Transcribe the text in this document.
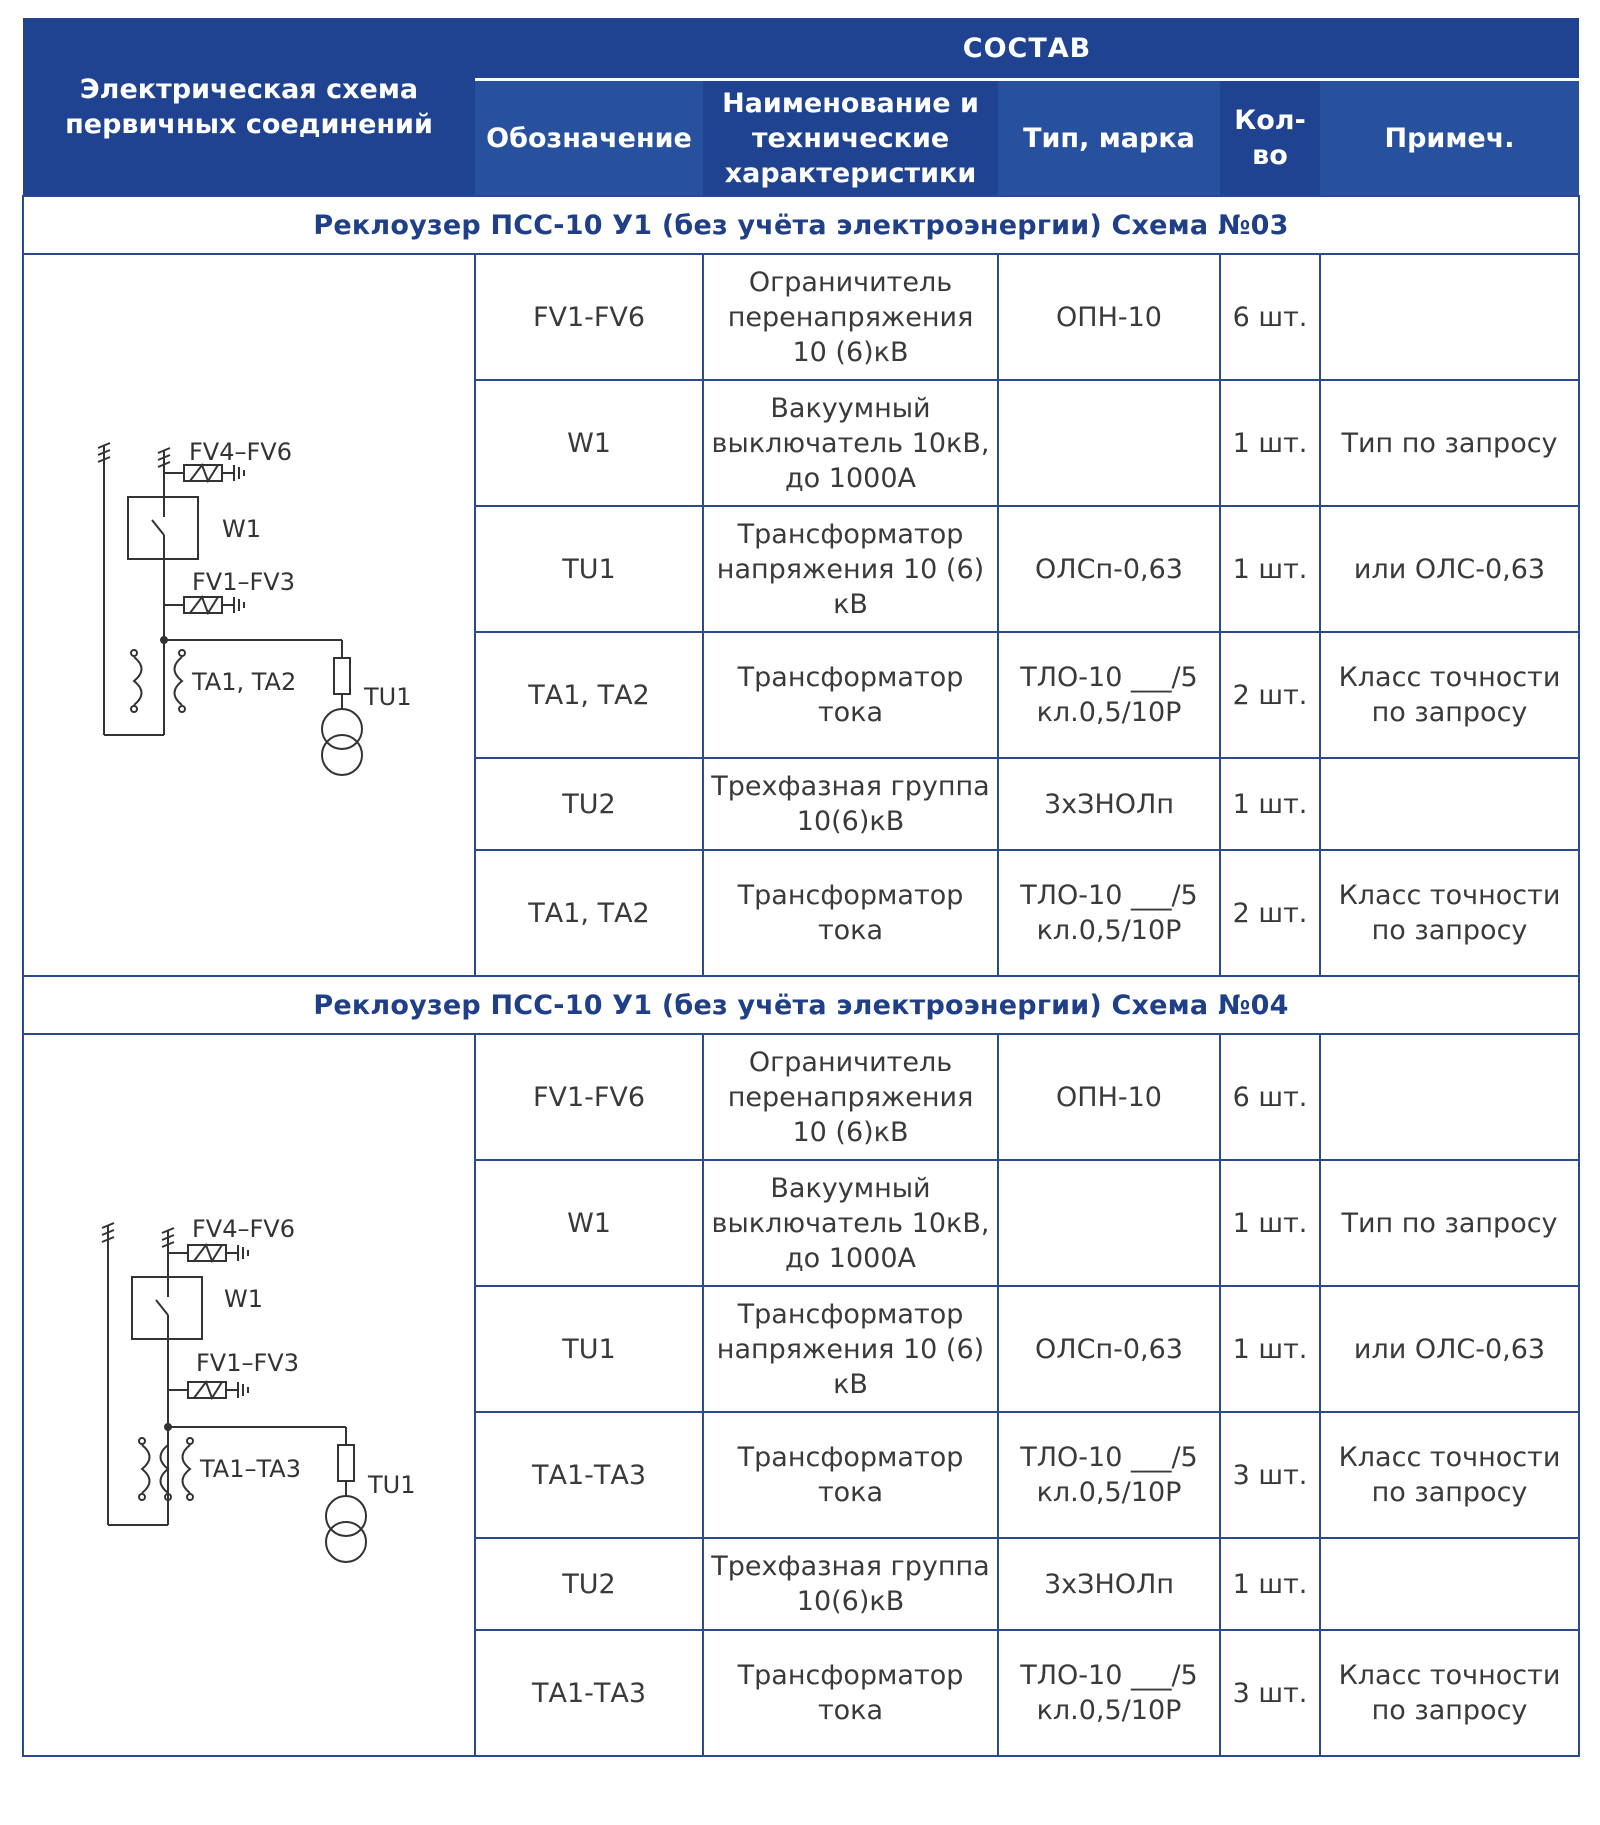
Электрическая схема первичных соединений	СОСТАВ				
	Обозначение	Наименование и технические характеристики	Тип, марка	Кол-во	Примеч.
Реклоузер ПСС-10 У1 (без учёта электроэнергии) Схема №03					

FV4–FV6
W1
FV1–FV3
TU1
TA1, TA2	FV1-FV6	Ограничитель перенапряжения 10 (6)кВ	ОПН-10	6 шт.	
	W1	Вакуумный выключатель 10кВ, до 1000А		1 шт.	Тип по запросу
	TU1	Трансформатор напряжения 10 (6) кВ	ОЛСп-0,63	1 шт.	или ОЛС-0,63
	ТА1, ТА2	Трансформатор тока	ТЛО-10 ___/5 кл.0,5/10Р	2 шт.	Класс точности по запросу
	TU2	Трехфазная группа 10(6)кВ	3хЗНОЛп	1 шт.	
	ТА1, ТА2	Трансформатор тока	ТЛО-10 ___/5 кл.0,5/10Р	2 шт.	Класс точности по запросу
Реклоузер ПСС-10 У1 (без учёта электроэнергии) Схема №04					

FV4–FV6
W1
FV1–FV3
TU1
TA1–TA3	FV1-FV6	Ограничитель перенапряжения 10 (6)кВ	ОПН-10	6 шт.	
	W1	Вакуумный выключатель 10кВ, до 1000А		1 шт.	Тип по запросу
	TU1	Трансформатор напряжения 10 (6) кВ	ОЛСп-0,63	1 шт.	или ОЛС-0,63
	ТА1-ТА3	Трансформатор тока	ТЛО-10 ___/5 кл.0,5/10Р	3 шт.	Класс точности по запросу
	TU2	Трехфазная группа 10(6)кВ	3хЗНОЛп	1 шт.	
	ТА1-ТА3	Трансформатор тока	ТЛО-10 ___/5 кл.0,5/10Р	3 шт.	Класс точности по запросу
